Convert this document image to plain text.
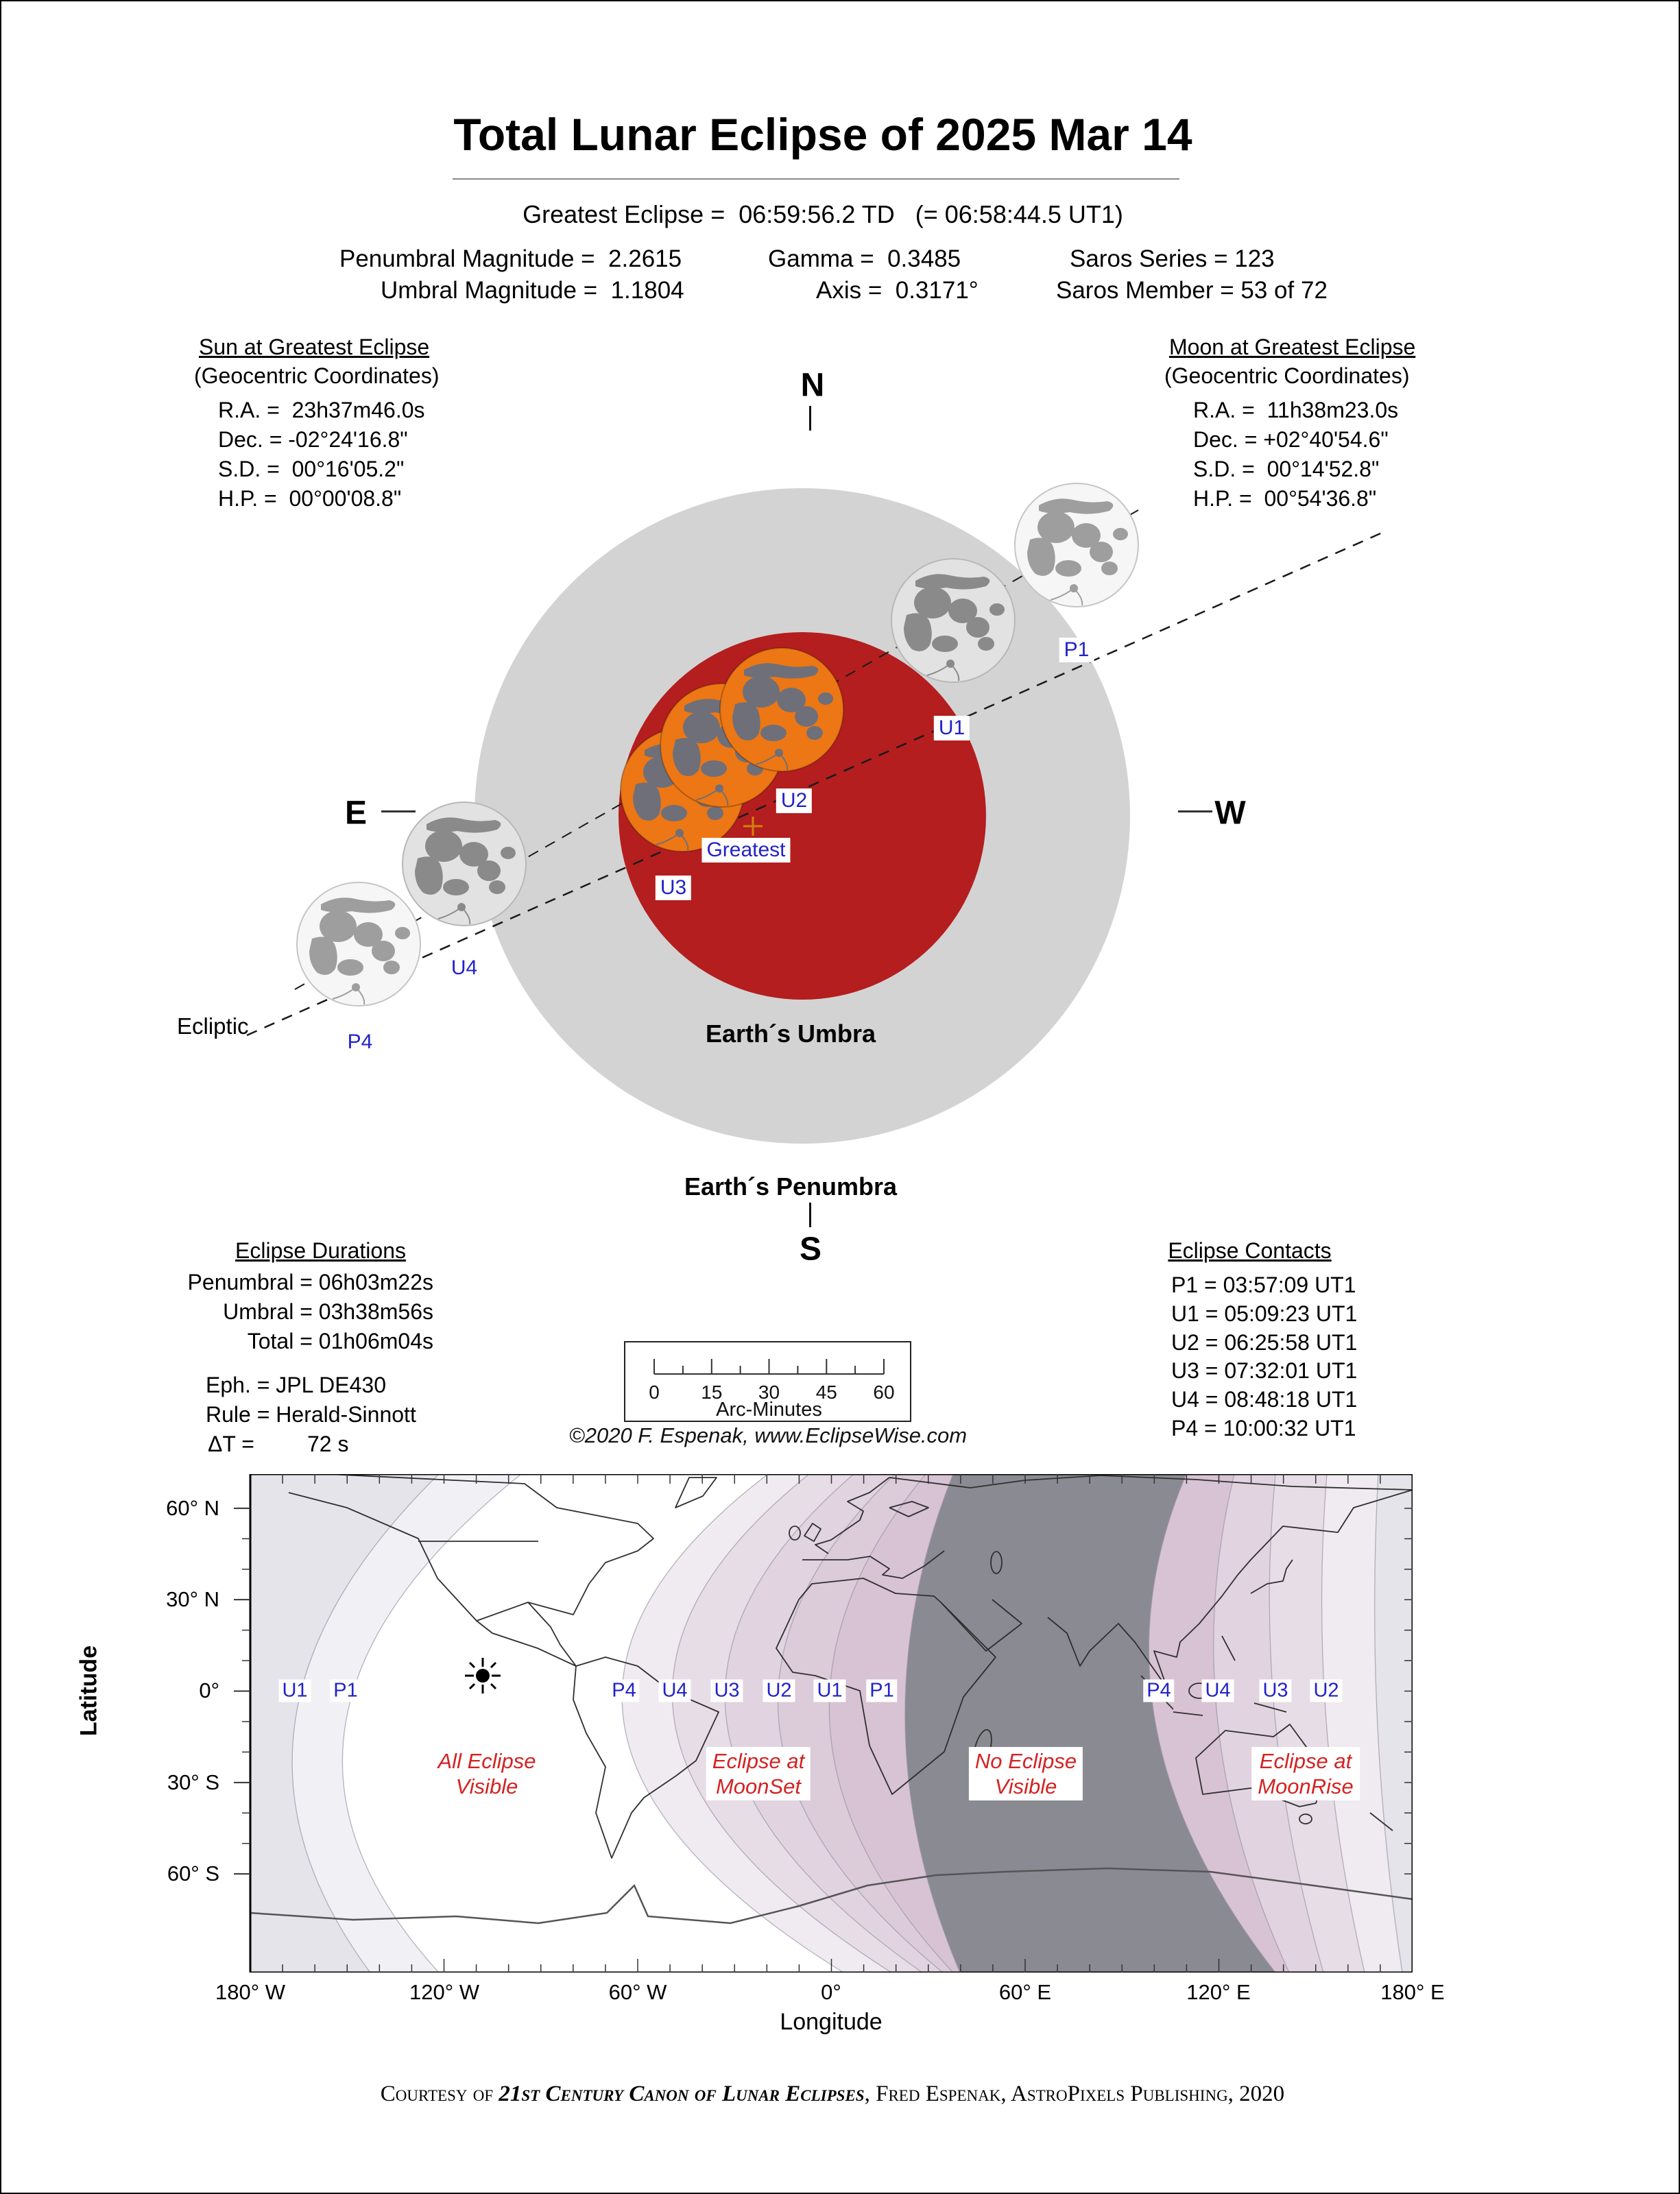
Total Lunar Eclipse of 2025 Mar 14
Greatest Eclipse =  06:59:56.2 TD   (= 06:58:44.5 UT1)
Penumbral Magnitude =  2.2615	Gamma =  0.3485	Saros Series = 123
Umbral Magnitude =  1.1804	Axis =  0.3171°	Saros Member = 53 of 72
Sun at Greatest Eclipse
(Geocentric Coordinates)
R.A. =  23h37m46.0s
Dec. = -02°24'16.8"
S.D. =  00°16'05.2"
H.P. =  00°00'08.8"
Moon at Greatest Eclipse
(Geocentric Coordinates)
R.A. =  11h38m23.0s
Dec. = +02°40'54.6"
S.D. =  00°14'52.8"
H.P. =  00°54'36.8"
N
S
E	W
P1
U1
U2
Greatest
U3
U4
P4
Ecliptic	Earth´s Umbra
Earth´s Penumbra
Eclipse Durations
Penumbral = 06h03m22s
Umbral = 03h38m56s
Total = 01h06m04s
Eph. = JPL DE430
Rule = Herald-Sinnott
ΔT = 72 s
Eclipse Contacts
P1 = 03:57:09 UT1
U1 = 05:09:23 UT1
U2 = 06:25:58 UT1
U3 = 07:32:01 UT1
U4 = 08:48:18 UT1
P4 = 10:00:32 UT1
0 15 30 45 60
Arc-Minutes
©2020 F. Espenak, www.EclipseWise.com
Latitude
60° N
30° N
0°
30° S
60° S
180° W	120° W	60° W	0°	60° E	120° E	180° E
Longitude
U1 P1	P4 U4 U3 U2 U1 P1	P4 U4 U3 U2
All Eclipse
Visible
Eclipse at
MoonSet
No Eclipse
Visible
Eclipse at
MoonRise
Courtesy of 21st Century Canon of Lunar Eclipses, Fred Espenak, AstroPixels Publishing, 2020
